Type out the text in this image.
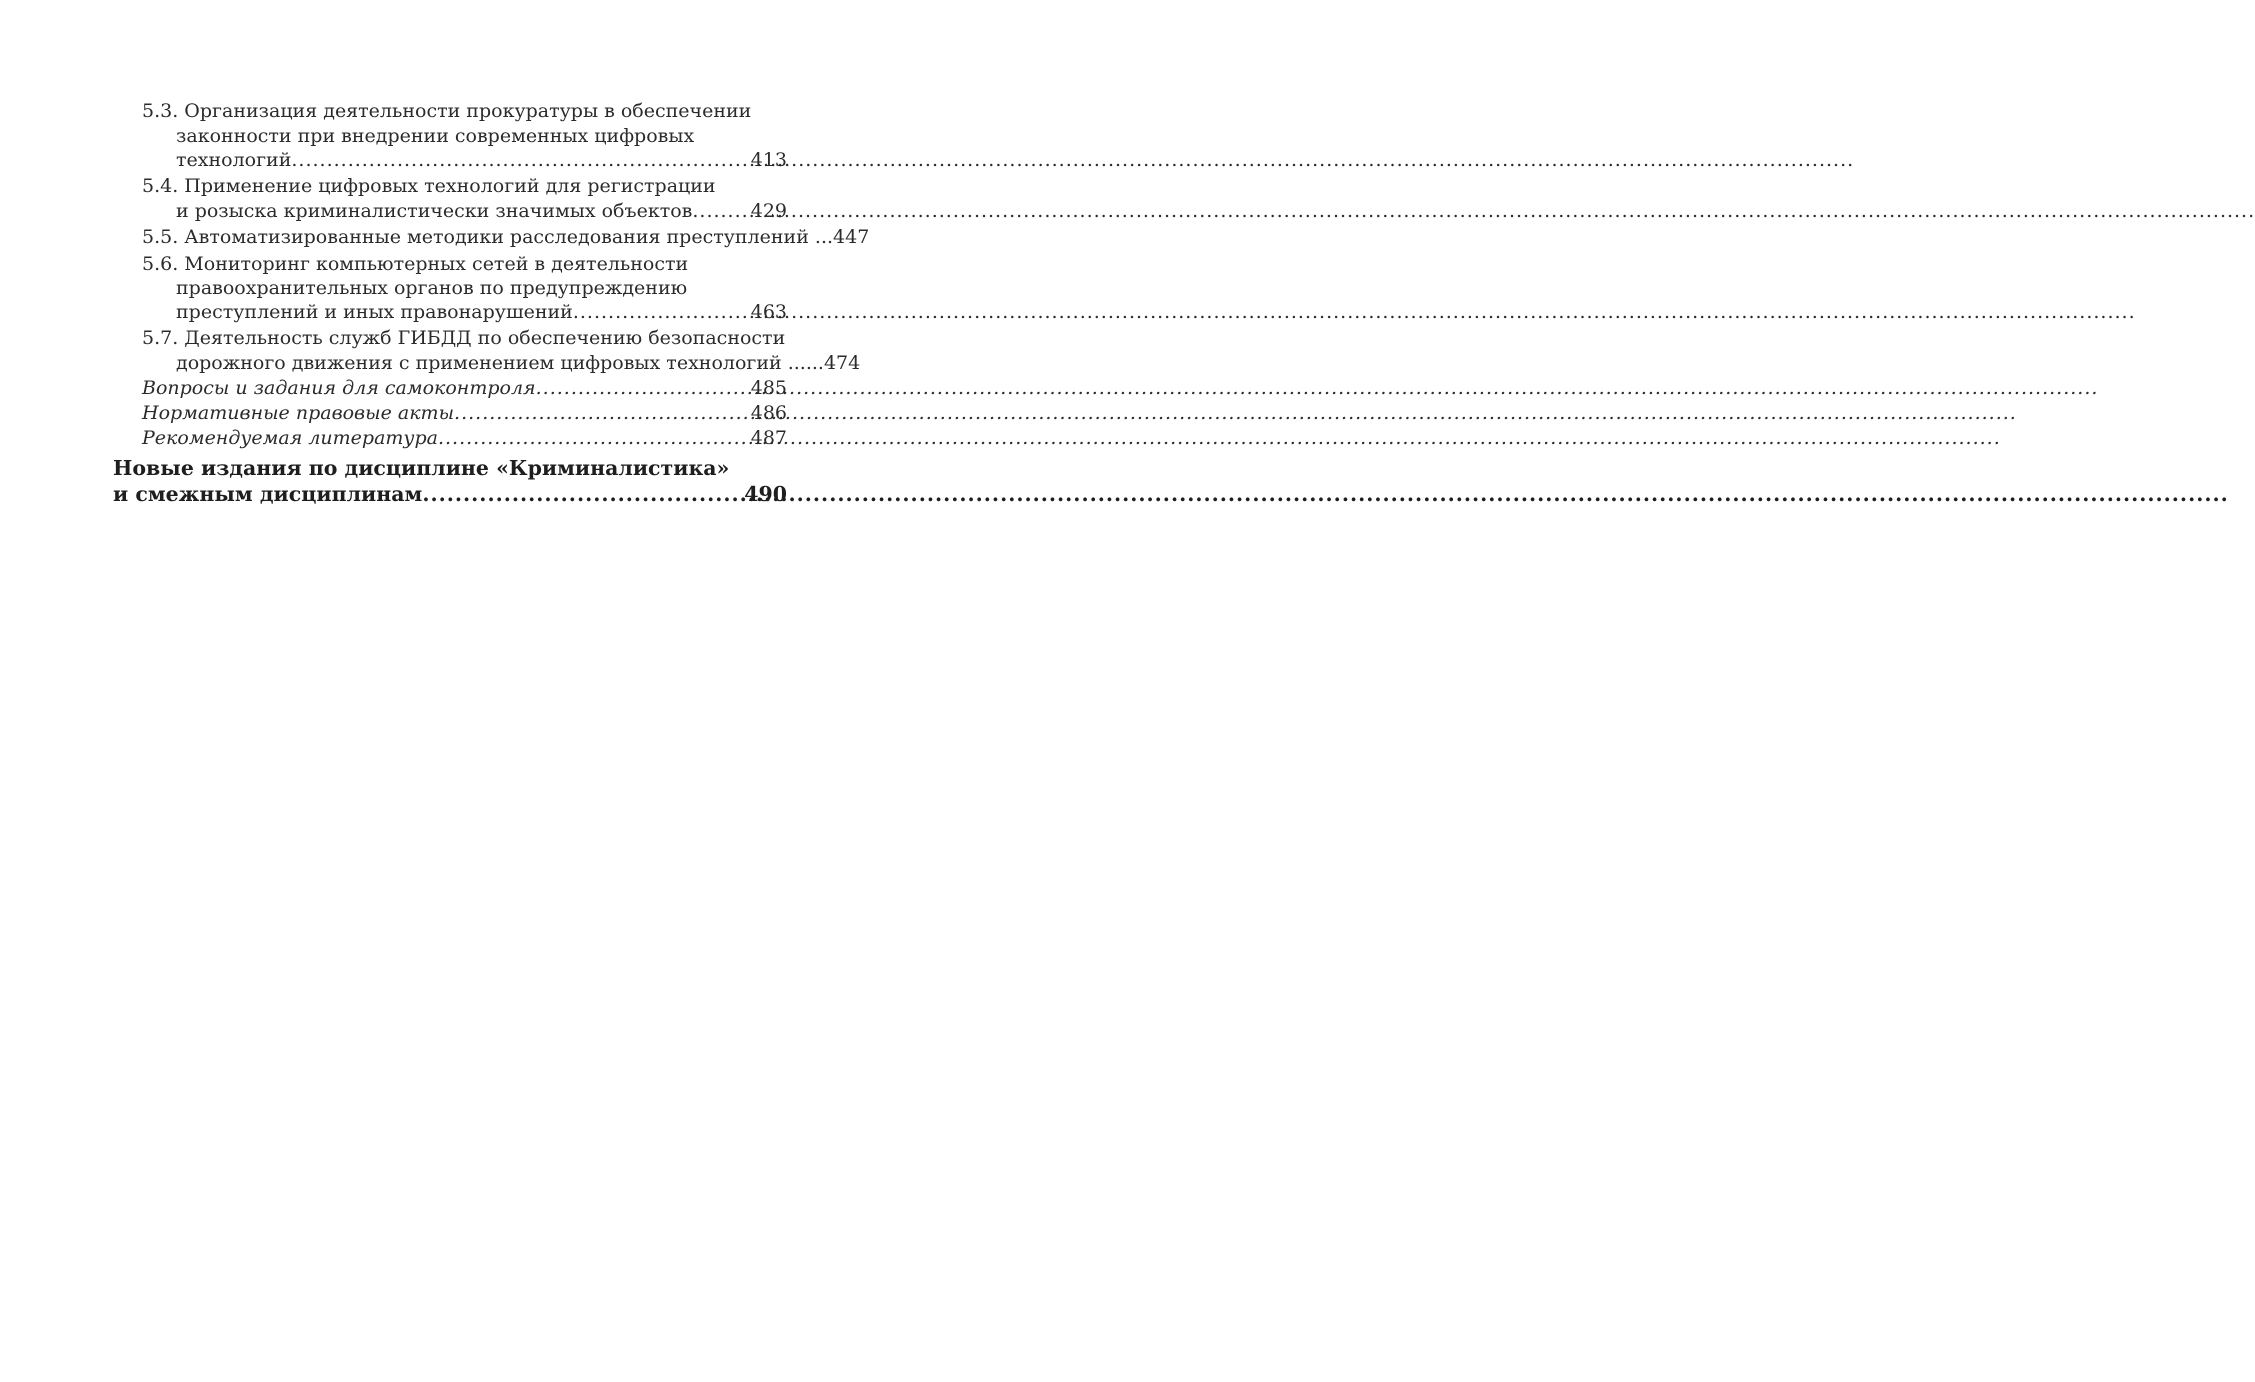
5.3. Организация деятельности прокуратуры в обеспечении
законности при внедрении современных цифровых
технологий .....	413
5.4. Применение цифровых технологий для регистрации
и розыска криминалистически значимых объектов .....	429
5.5. Автоматизированные методики расследования преступлений ... 447
5.6. Мониторинг компьютерных сетей в деятельности
правоохранительных органов по предупреждению
преступлений и иных правонарушений .....	463
5.7. Деятельность служб ГИБДД по обеспечению безопасности
дорожного движения с применением цифровых технологий ...... 474
Вопросы и задания для самоконтроля .....	485
Нормативные правовые акты .....	486
Рекомендуемая литература .....	487
Новые издания по дисциплине «Криминалистика»
и смежным дисциплинам .....	490
